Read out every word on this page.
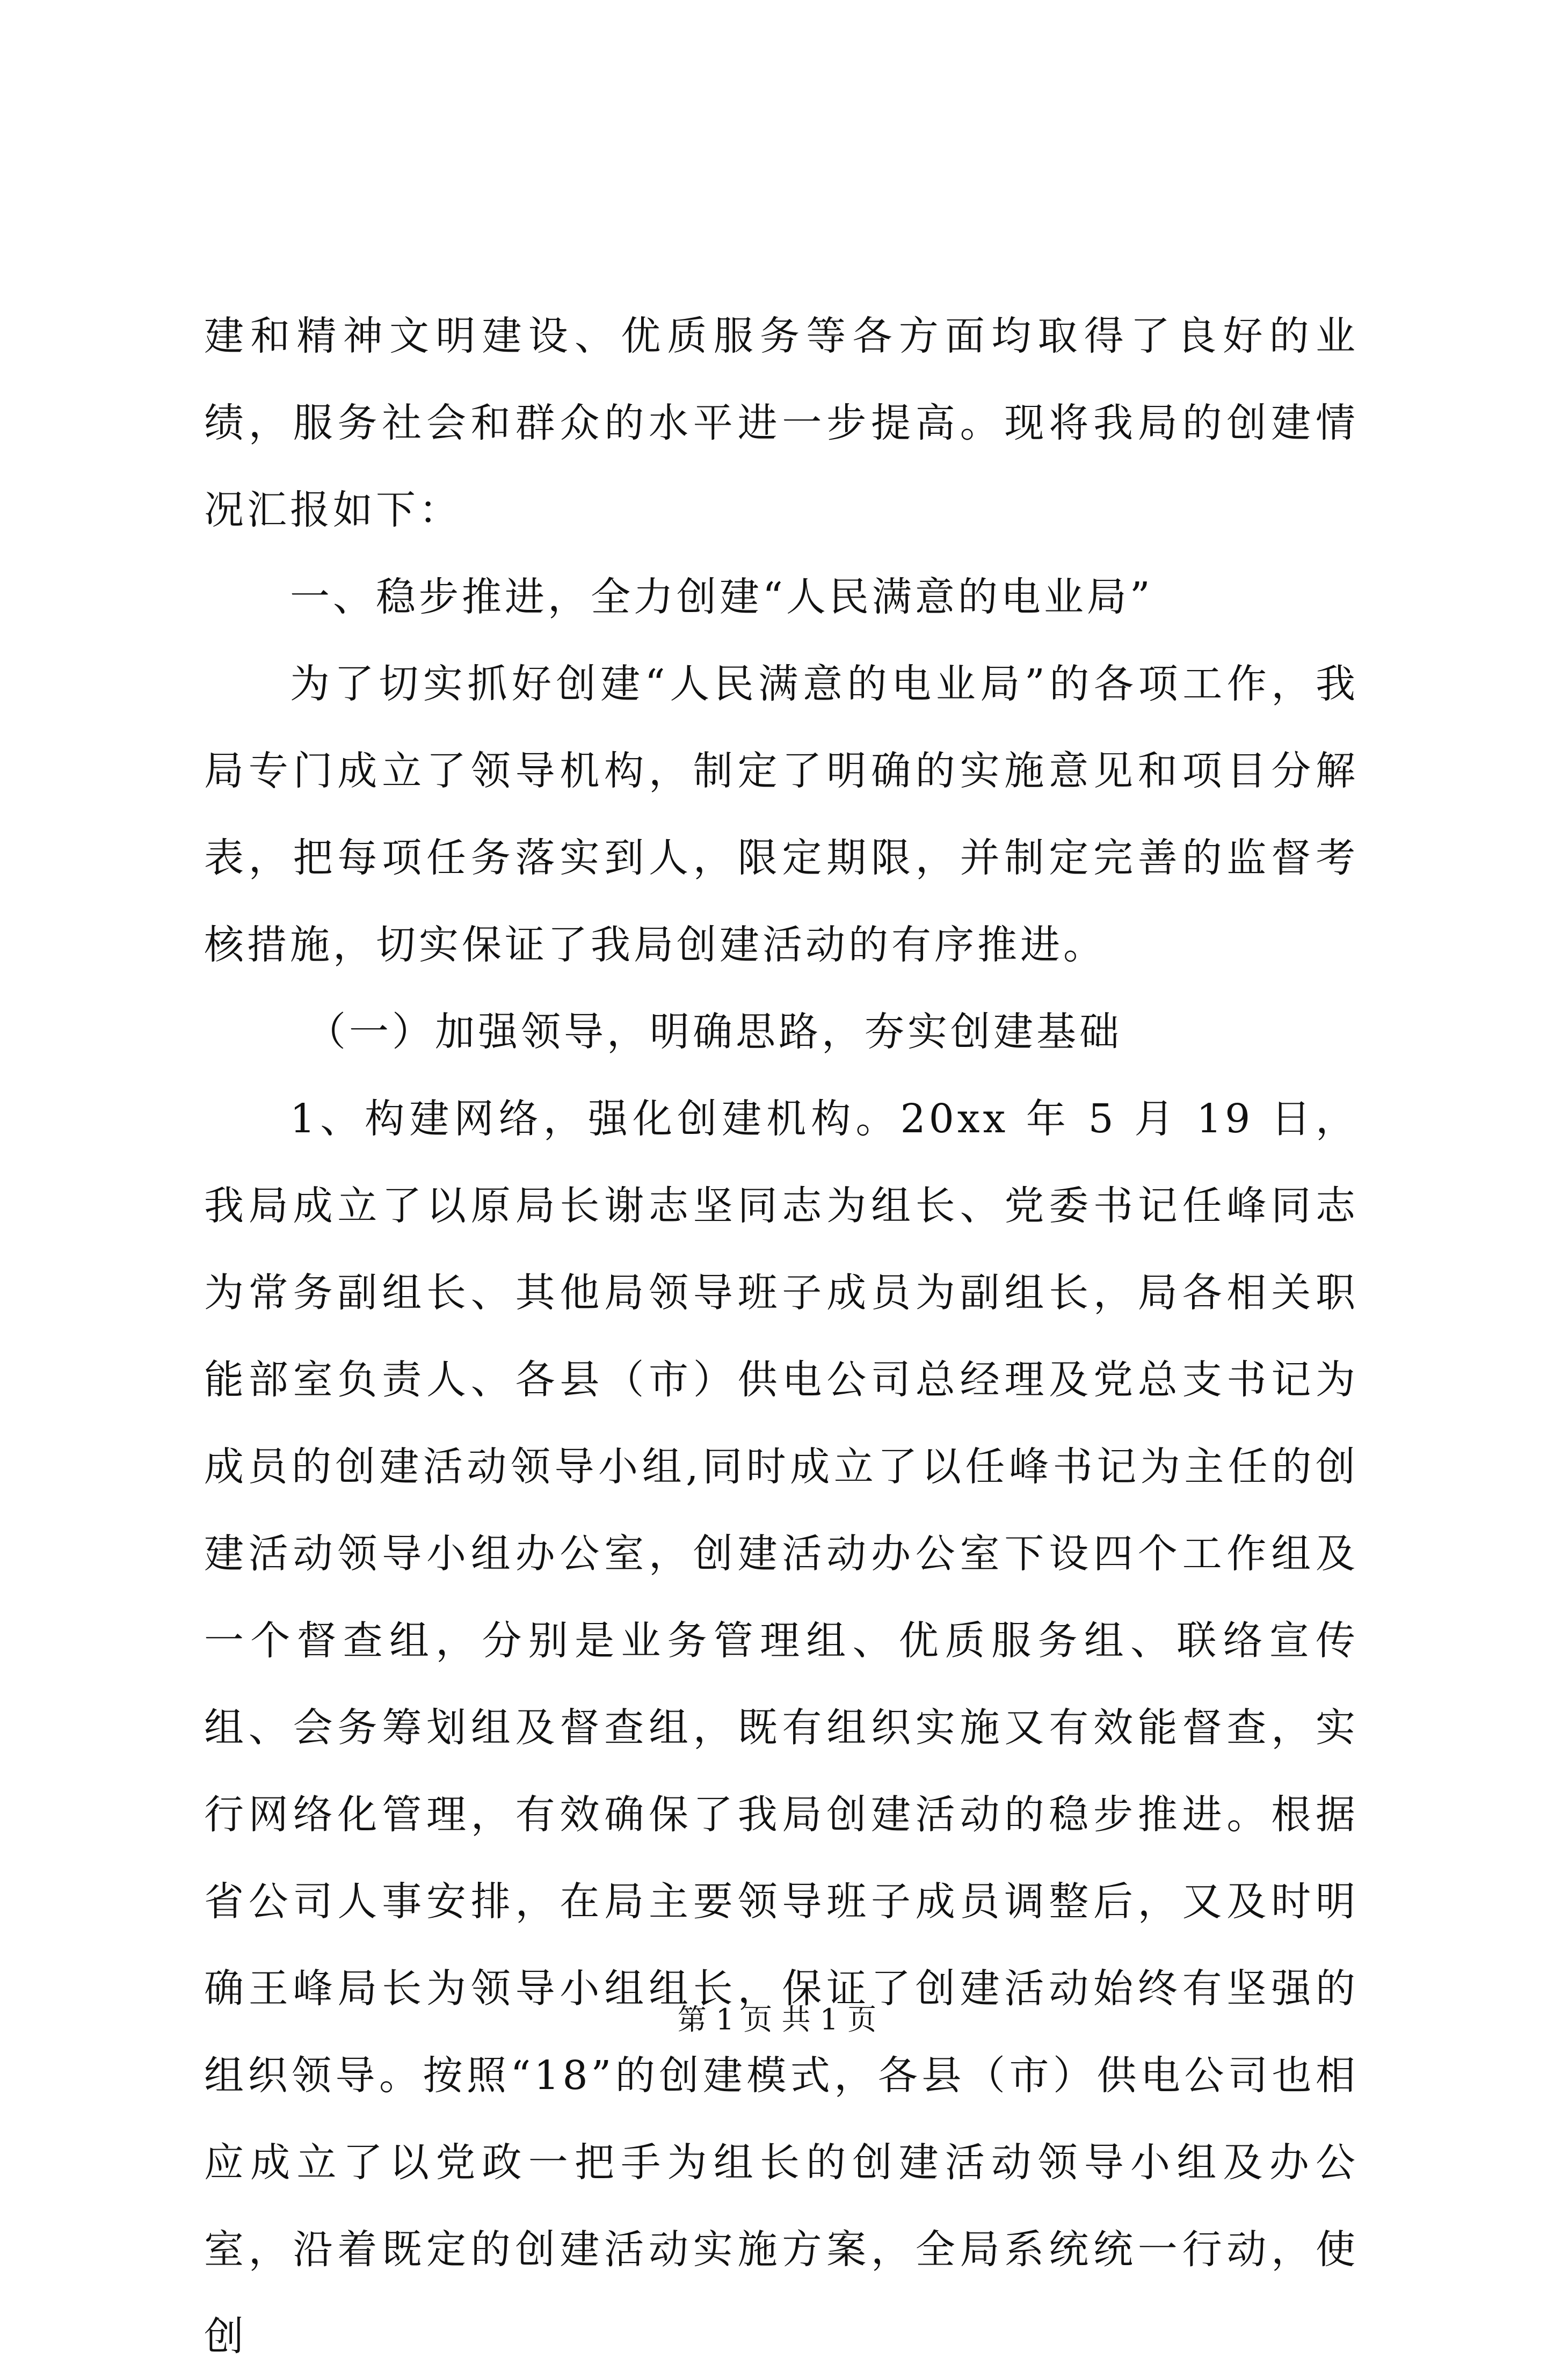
建和精神文明建设、优质服务等各方面均取得了良好的业绩，服务社会和群众的水平进一步提高。现将我局的创建情况汇报如下：

一、稳步推进，全力创建“人民满意的电业局”

为了切实抓好创建“人民满意的电业局”的各项工作，我局专门成立了领导机构，制定了明确的实施意见和项目分解表，把每项任务落实到人，限定期限，并制定完善的监督考核措施，切实保证了我局创建活动的有序推进。

（一）加强领导，明确思路，夯实创建基础

1、构建网络，强化创建机构。20xx 年 5 月 19 日，我局成立了以原局长谢志坚同志为组长、党委书记任峰同志为常务副组长、其他局领导班子成员为副组长，局各相关职能部室负责人、各县（市）供电公司总经理及党总支书记为成员的创建活动领导小组,同时成立了以任峰书记为主任的创建活动领导小组办公室，创建活动办公室下设四个工作组及一个督查组，分别是业务管理组、优质服务组、联络宣传组、会务筹划组及督查组，既有组织实施又有效能督查，实行网络化管理，有效确保了我局创建活动的稳步推进。根据省公司人事安排，在局主要领导班子成员调整后，又及时明确王峰局长为领导小组组长，保证了创建活动始终有坚强的组织领导。按照“18”的创建模式，各县（市）供电公司也相应成立了以党政一把手为组长的创建活动领导小组及办公室，沿着既定的创建活动实施方案，全局系统统一行动，使创

第 1 页 共 1 页
